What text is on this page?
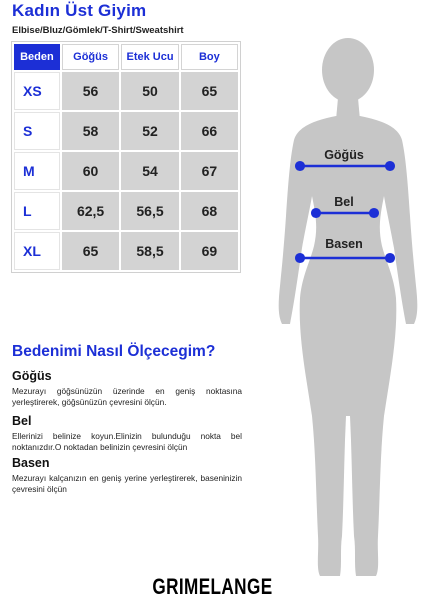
Kadın Üst Giyim
Elbise/Bluz/Gömlek/T-Shirt/Sweatshirt
Beden	Göğüs	Etek Ucu	Boy
XS	56	50	65
S	58	52	66
M	60	54	67
L	62,5	56,5	68
XL	65	58,5	69
Göğüs
Bel
Basen
Bedenimi Nasıl Ölçecegim?
Göğüs
Mezurayı göğsünüzün üzerinde en geniş noktasına yerleştirerek, göğsünüzün çevresini ölçün.
Bel
Ellerinizi belinize koyun.Elinizin bulunduğu nokta bel noktanızdır.O noktadan belinizin çevresini ölçün
Basen
Mezurayı kalçanızın en geniş yerine yerleştirerek, baseninizin çevresini ölçün
GRIMELANGE
